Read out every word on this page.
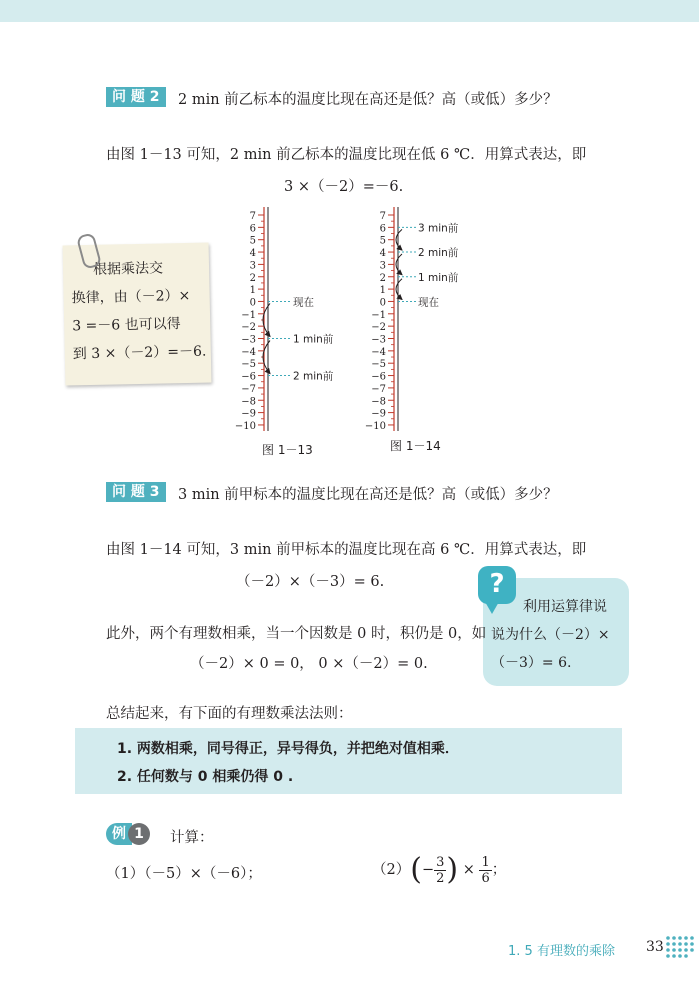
问 题 2	2 min 前乙标本的温度比现在高还是低？高（或低）多少？
由图 1－13 可知，2 min 前乙标本的温度比现在低 6 ℃．用算式表达，即
3 ×（－2）=－6.
根据乘法交
换律，由（－2）×
3 =－6 也可以得
到 3 ×（－2）=－6.
7
6
5
4
3
2
1
0
−1
−2
−3
−4
−5
−6
−7
−8
−9
−10
现在
1 min前
2 min前
7
6
5
4
3
2
1
0
−1
−2
−3
−4
−5
−6
−7
−8
−9
−10
3 min前
2 min前
1 min前
现在
图 1－13	图 1－14
问 题 3	3 min 前甲标本的温度比现在高还是低？高（或低）多少？
由图 1－14 可知，3 min 前甲标本的温度比现在高 6 ℃．用算式表达，即
（－2）×（－3）= 6.
利用运算律说
说为什么（－2）×
（－3）= 6.
?
此外，两个有理数相乘，当一个因数是 0 时，积仍是 0，如
（－2）× 0 = 0， 0 ×（－2）= 0.
总结起来，有下面的有理数乘法法则：
1. 两数相乘，同号得正，异号得负，并把绝对值相乘．
2. 任何数与 0 相乘仍得 0 .
例 1	计算：
（1）（－5）×（－6）；	$(2)(- \frac{3}{2}$ ) × $\frac{1}{6}$ ；
1. 5 有理数的乘除 33
